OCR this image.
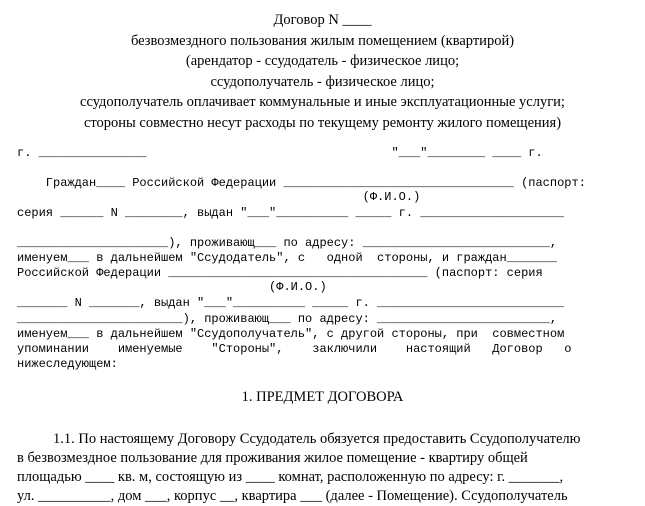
Договор N ____
безвозмездного пользования жилым помещением (квартирой)
(арендатор - ссудодатель - физическое лицо;
ссудополучатель - физическое лицо;
ссудополучатель оплачивает коммунальные и иные эксплуатационные услуги;
стороны совместно несут расходы по текущему ремонту жилого помещения)

г. _______________                                  "___"________ ____ г.

Граждан____ Российской Федерации ________________________________ (паспорт:

(Ф.И.О.)

серия ______ N ________, выдан "___"__________ _____ г. ____________________

_____________________), проживающ___ по адресу: __________________________,

именуем___ в дальнейшем "Ссудодатель", с   одной  стороны, и граждан_______

Российской Федерации ____________________________________ (паспорт: серия

(Ф.И.О.)

_______ N _______, выдан "___"__________ _____ г. __________________________

_______________________), проживающ___ по адресу: ________________________,

именуем___ в дальнейшем "Ссудополучатель", с другой стороны, при  совместном

упоминании    именуемые    "Стороны",    заключили    настоящий   Договор   о

нижеследующем:

1. ПРЕДМЕТ ДОГОВОРА
1.1. По настоящему Договору Ссудодатель обязуется предоставить Ссудополучателю
в безвозмездное пользование для проживания жилое помещение - квартиру общей
площадью ____ кв. м, состоящую из ____ комнат, расположенную по адресу: г. _______,
ул. __________, дом ___, корпус __, квартира ___ (далее - Помещение). Ссудополучатель
